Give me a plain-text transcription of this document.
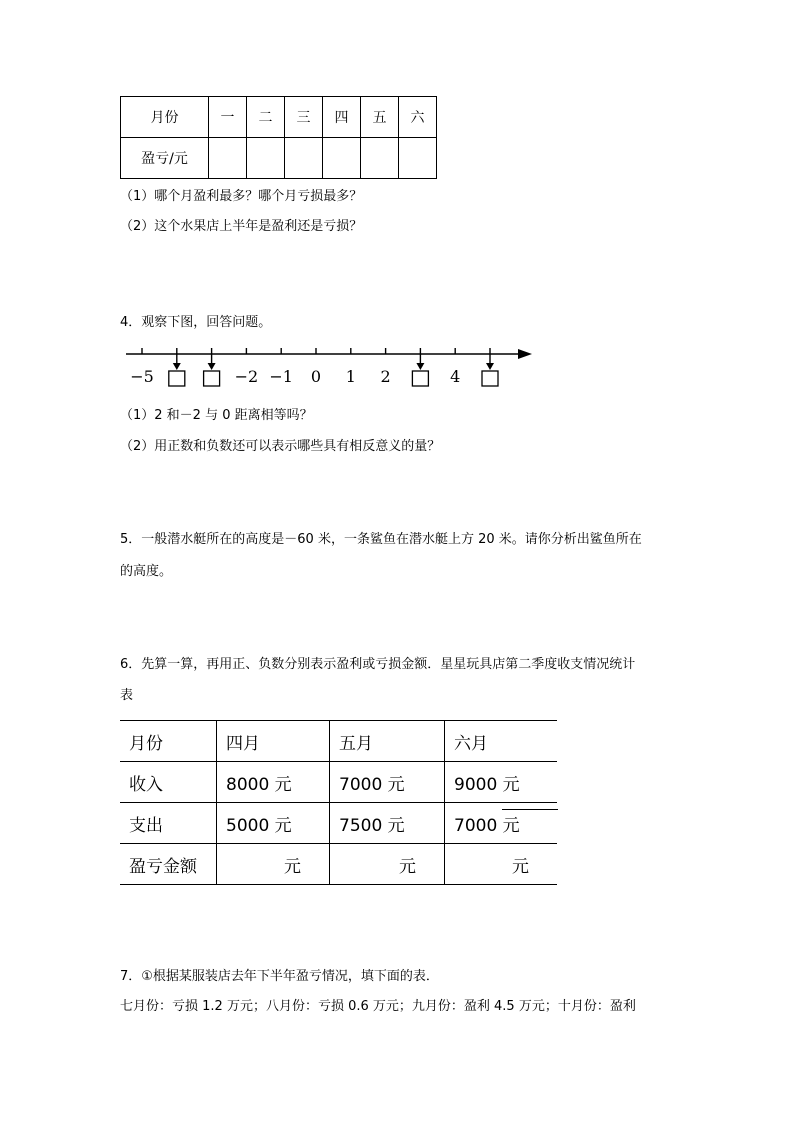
月份	一	二	三	四	五	六
盈亏/元						
（1）哪个月盈利最多？哪个月亏损最多？
（2）这个水果店上半年是盈利还是亏损？
4．观察下图，回答问题。
−5	−2 −1 0 1 2	4
（1）2 和－2 与 0 距离相等吗？
（2）用正数和负数还可以表示哪些具有相反意义的量？
5．一般潜水艇所在的高度是－60 米，一条鲨鱼在潜水艇上方 20 米。请你分析出鲨鱼所在
的高度。
6．先算一算，再用正、负数分别表示盈利或亏损金额．星星玩具店第二季度收支情况统计
表
月份	四月	五月	六月
收入	8000 元	7000 元	9000 元
支出	5000 元	7500 元	7000 元
盈亏金额	元	元	元
7．①根据某服装店去年下半年盈亏情况，填下面的表．
七月份：亏损 1.2 万元；八月份：亏损 0.6 万元；九月份：盈利 4.5 万元；十月份：盈利
